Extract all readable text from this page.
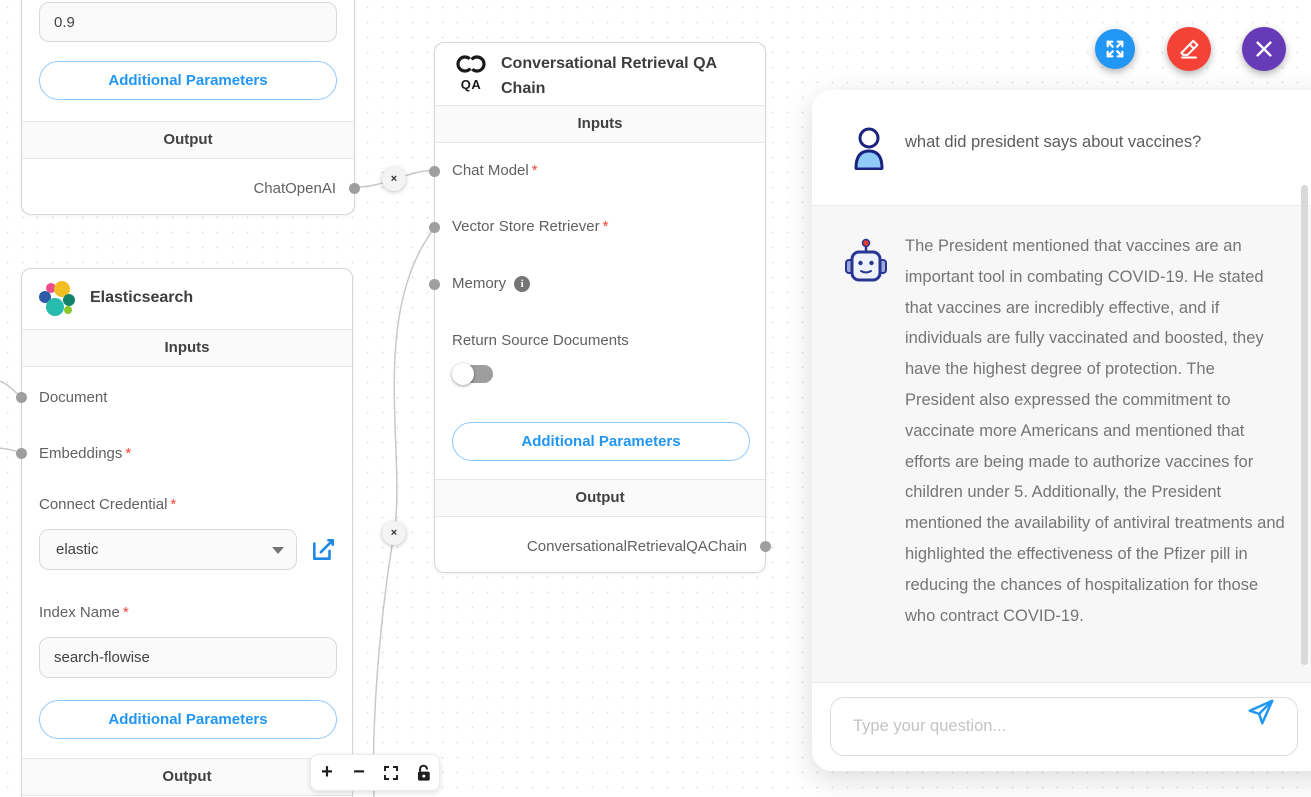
0.9
Additional Parameters
Output
ChatOpenAI
Elasticsearch
Inputs
Document
Embeddings *
Connect Credential *
elastic
Index Name *
search-flowise
Additional Parameters
Output
QA
Conversational Retrieval QA Chain
Inputs
Chat Model *
Vector Store Retriever *
Memory	i
Return Source Documents
Additional Parameters
Output
ConversationalRetrievalQAChain
×
×
what did president says about vaccines?
The President mentioned that vaccines are an important tool in combating COVID-19. He stated that vaccines are incredibly effective, and if individuals are fully vaccinated and boosted, they have the highest degree of protection. The President also expressed the commitment to vaccinate more Americans and mentioned that efforts are being made to authorize vaccines for children under 5. Additionally, the President mentioned the availability of antiviral treatments and highlighted the effectiveness of the Pfizer pill in reducing the chances of hospitalization for those who contract COVID-19.
Type your question...
+	−
